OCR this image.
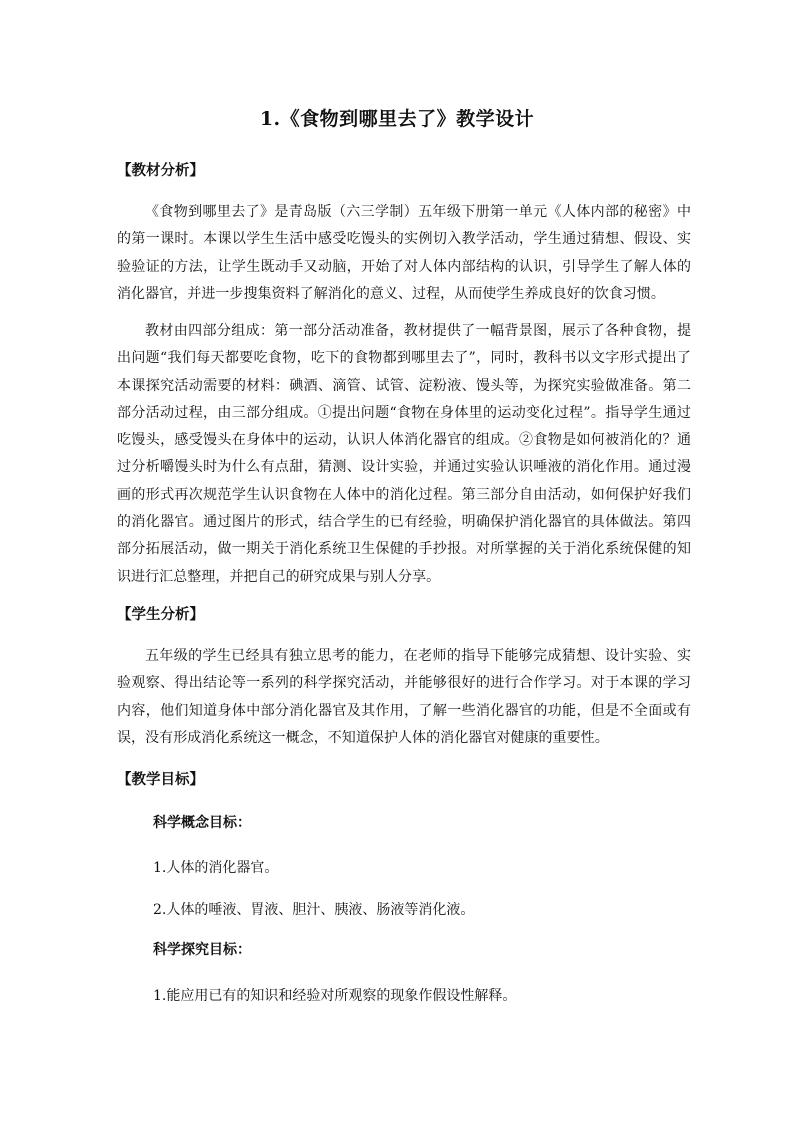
1.《食物到哪里去了》教学设计
【教材分析】

《食物到哪里去了》是青岛版（六三学制）五年级下册第一单元《人体内部的秘密》中的第一课时。本课以学生生活中感受吃馒头的实例切入教学活动，学生通过猜想、假设、实验验证的方法，让学生既动手又动脑，开始了对人体内部结构的认识，引导学生了解人体的消化器官，并进一步搜集资料了解消化的意义、过程，从而使学生养成良好的饮食习惯。

教材由四部分组成：第一部分活动准备，教材提供了一幅背景图，展示了各种食物，提出问题“我们每天都要吃食物，吃下的食物都到哪里去了”，同时，教科书以文字形式提出了本课探究活动需要的材料：碘酒、滴管、试管、淀粉液、馒头等，为探究实验做准备。第二部分活动过程，由三部分组成。①提出问题“食物在身体里的运动变化过程”。指导学生通过吃馒头，感受馒头在身体中的运动，认识人体消化器官的组成。②食物是如何被消化的？通过分析嚼馒头时为什么有点甜，猜测、设计实验，并通过实验认识唾液的消化作用。通过漫画的形式再次规范学生认识食物在人体中的消化过程。第三部分自由活动，如何保护好我们的消化器官。通过图片的形式，结合学生的已有经验，明确保护消化器官的具体做法。第四部分拓展活动，做一期关于消化系统卫生保健的手抄报。对所掌握的关于消化系统保健的知识进行汇总整理，并把自己的研究成果与别人分享。

【学生分析】

五年级的学生已经具有独立思考的能力，在老师的指导下能够完成猜想、设计实验、实验观察、得出结论等一系列的科学探究活动，并能够很好的进行合作学习。对于本课的学习内容，他们知道身体中部分消化器官及其作用，了解一些消化器官的功能，但是不全面或有误，没有形成消化系统这一概念，不知道保护人体的消化器官对健康的重要性。

【教学目标】
科学概念目标：
1.人体的消化器官。
2.人体的唾液、胃液、胆汁、胰液、肠液等消化液。
科学探究目标：
1.能应用已有的知识和经验对所观察的现象作假设性解释。
